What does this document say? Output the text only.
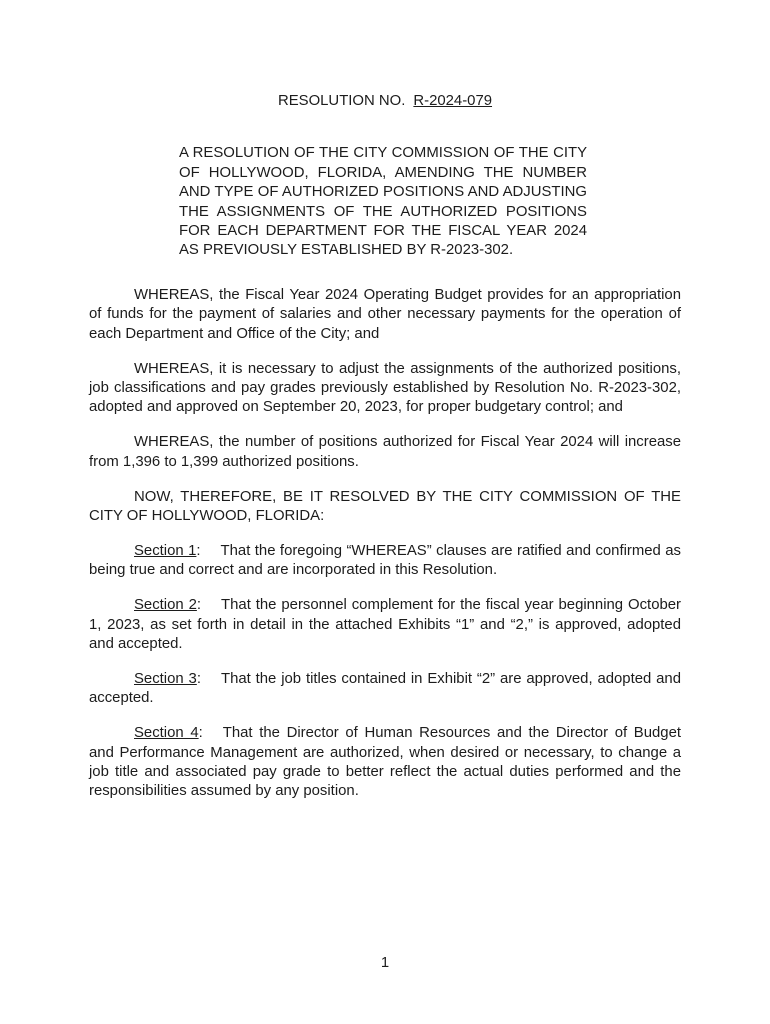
RESOLUTION NO. R-2024-079

A RESOLUTION OF THE CITY COMMISSION OF THE CITY OF HOLLYWOOD, FLORIDA, AMENDING THE NUMBER AND TYPE OF AUTHORIZED POSITIONS AND ADJUSTING THE ASSIGNMENTS OF THE AUTHORIZED POSITIONS FOR EACH DEPARTMENT FOR THE FISCAL YEAR 2024 AS PREVIOUSLY ESTABLISHED BY R-2023-302.

WHEREAS, the Fiscal Year 2024 Operating Budget provides for an appropriation of funds for the payment of salaries and other necessary payments for the operation of each Department and Office of the City; and

WHEREAS, it is necessary to adjust the assignments of the authorized positions, job classifications and pay grades previously established by Resolution No. R-2023-302, adopted and approved on September 20, 2023, for proper budgetary control; and

WHEREAS, the number of positions authorized for Fiscal Year 2024 will increase from 1,396 to 1,399 authorized positions.

NOW, THEREFORE, BE IT RESOLVED BY THE CITY COMMISSION OF THE CITY OF HOLLYWOOD, FLORIDA:

Section 1: That the foregoing “WHEREAS” clauses are ratified and confirmed as being true and correct and are incorporated in this Resolution.

Section 2: That the personnel complement for the fiscal year beginning October 1, 2023, as set forth in detail in the attached Exhibits “1” and “2,” is approved, adopted and accepted.

Section 3: That the job titles contained in Exhibit “2” are approved, adopted and accepted.

Section 4: That the Director of Human Resources and the Director of Budget and Performance Management are authorized, when desired or necessary, to change a job title and associated pay grade to better reflect the actual duties performed and the responsibilities assumed by any position.

1
